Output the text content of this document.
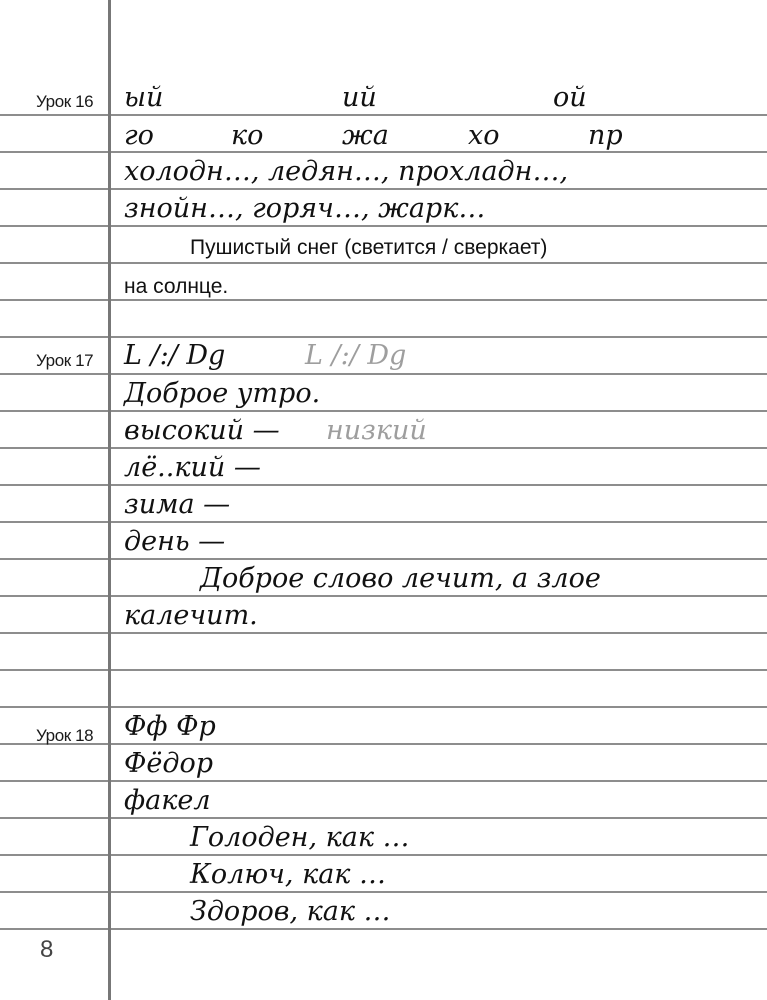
Урок 16	ый	ий	ой
го	ко	жа	хо	пр
холодн…, ледян…, прохладн…,
знойн…, горяч…, жарк…
Пушистый снег (светится / сверкает)
на солнце.
Урок 17	L /:/ Dg	L /:/ Dg
Доброе утро.
высокий — низкий
лё..кий —
зима —
день —
Доброе слово лечит, а злое
калечит.
Урок 18	Фф Фр
Фёдор
факел
Голоден, как …
Колюч, как …
Здоров, как …
8
